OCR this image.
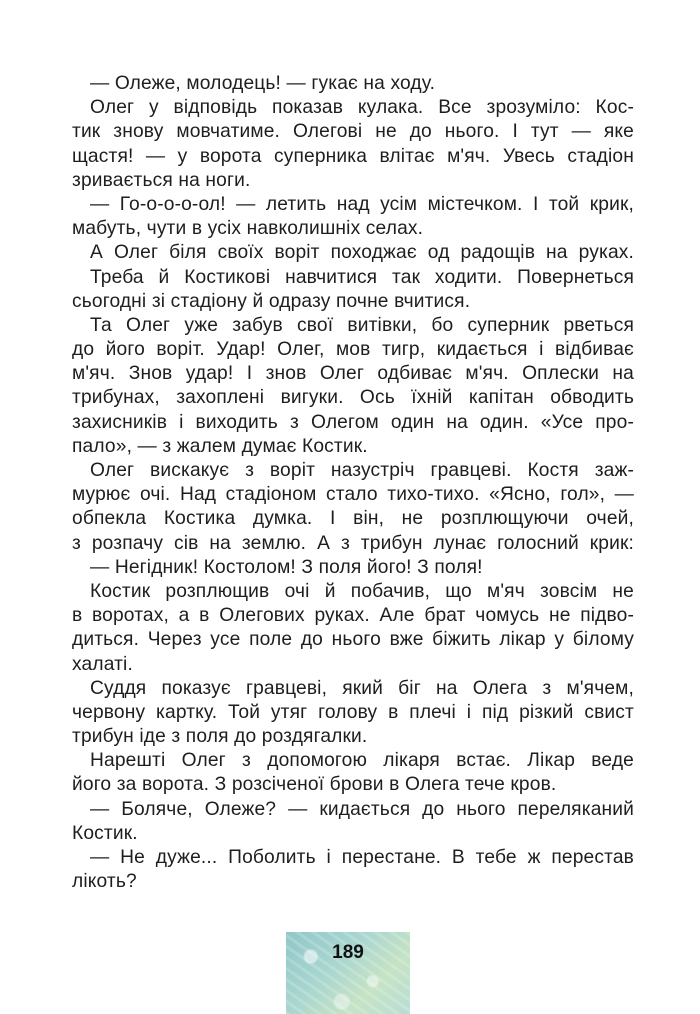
— Олеже, молодець! — гукає на ходу.
Олег у відповідь показав кулака. Все зрозуміло: Кос-
тик знову мовчатиме. Олегові не до нього. І тут — яке
щастя! — у ворота суперника влітає м'яч. Увесь стадіон
зривається на ноги.
— Го-о-о-о-ол! — летить над усім містечком. І той крик,
мабуть, чути в усіх навколишніх селах.
А Олег біля своїх воріт походжає од радощів на руках.
Треба й Костикові навчитися так ходити. Повернеться
сьогодні зі стадіону й одразу почне вчитися.
Та Олег уже забув свої витівки, бо суперник рветься
до його воріт. Удар! Олег, мов тигр, кидається і відбиває
м'яч. Знов удар! І знов Олег одбиває м'яч. Оплески на
трибунах, захоплені вигуки. Ось їхній капітан обводить
захисників і виходить з Олегом один на один. «Усе про-
пало», — з жалем думає Костик.
Олег вискакує з воріт назустріч гравцеві. Костя заж-
мурює очі. Над стадіоном стало тихо-тихо. «Ясно, гол», —
обпекла Костика думка. І він, не розплющуючи очей,
з розпачу сів на землю. А з трибун лунає голосний крик:
— Негідник! Костолом! З поля його! З поля!
Костик розплющив очі й побачив, що м'яч зовсім не
в воротах, а в Олегових руках. Але брат чомусь не підво-
диться. Через усе поле до нього вже біжить лікар у білому
халаті.
Суддя показує гравцеві, який біг на Олега з м'ячем,
червону картку. Той утяг голову в плечі і під різкий свист
трибун іде з поля до роздягалки.
Нарешті Олег з допомогою лікаря встає. Лікар веде
його за ворота. З розсіченої брови в Олега тече кров.
— Боляче, Олеже? — кидається до нього переляканий
Костик.
— Не дуже... Поболить і перестане. В тебе ж перестав
лікоть?
189
